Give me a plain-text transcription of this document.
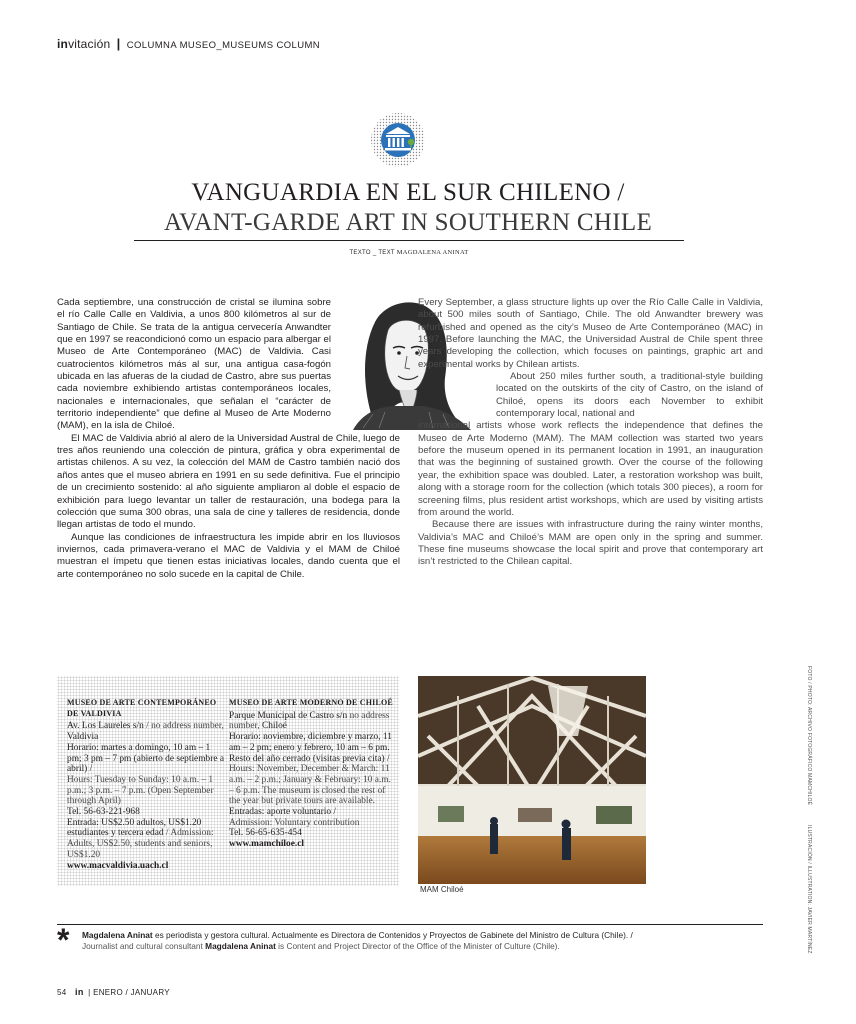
invitación | COLUMNA MUSEO_MUSEUMS COLUMN
VANGUARDIA EN EL SUR CHILENO /
AVANT-GARDE ART IN SOUTHERN CHILE
TEXTO _ TEXT MAGDALENA ANINAT

Cada septiembre, una construcción de cristal se ilumina sobre el río Calle Calle en Valdivia, a unos 800 kilómetros al sur de Santiago de Chile. Se trata de la antigua cervecería Anwandter que en 1997 se reacondicionó como un espacio para albergar el Museo de Arte Contemporáneo (MAC) de Valdivia. Casi cuatrocientos kilómetros más al sur, una antigua casa-fogón ubicada en las afueras de la ciudad de Castro, abre sus puertas cada noviembre exhibiendo artistas contemporáneos locales, nacionales e internacionales, que señalan el “carácter de territorio independiente” que define al Museo de Arte Moderno (MAM), en la isla de Chiloé.

El MAC de Valdivia abrió al alero de la Universidad Austral de Chile, luego de tres años reuniendo una colección de pintura, gráfica y obra experimental de artistas chilenos. A su vez, la colección del MAM de Castro también nació dos años antes que el museo abriera en 1991 en su sede definitiva. Fue el principio de un crecimiento sostenido: al año siguiente ampliaron al doble el espacio de exhibición para luego levantar un taller de restauración, una bodega para la colección que suma 300 obras, una sala de cine y talleres de residencia, donde llegan artistas de todo el mundo.

Aunque las condiciones de infraestructura les impide abrir en los lluviosos inviernos, cada primavera-verano el MAC de Valdivia y el MAM de Chiloé muestran el ímpetu que tienen estas iniciativas locales, dando cuenta que el arte contemporáneo no solo sucede en la capital de Chile.

Every September, a glass structure lights up over the Río Calle Calle in Valdivia, about 500 miles south of Santiago, Chile. The old Anwandter brewery was refurbished and opened as the city’s Museo de Arte Contemporáneo (MAC) in 1997. Before launching the MAC, the Universidad Austral de Chile spent three years developing the collection, which focuses on paintings, graphic art and experimental works by Chilean artists.

About 250 miles further south, a traditional-style building located on the outskirts of the city of Castro, on the island of Chiloé, opens its doors each November to exhibit contemporary local, national and
international artists whose work reflects the independence that defines the Museo de Arte Moderno (MAM). The MAM collection was started two years before the museum opened in its permanent location in 1991, an inauguration that was the beginning of sustained growth. Over the course of the following year, the exhibition space was doubled. Later, a restoration workshop was built, along with a storage room for the collection (which totals 300 pieces), a room for screening films, plus resident artist workshops, which are used by visiting artists from around the world.

Because there are issues with infrastructure during the rainy winter months, Valdivia’s MAC and Chiloé’s MAM are open only in the spring and summer. These fine museums showcase the local spirit and prove that contemporary art isn’t restricted to the Chilean capital.

MUSEO DE ARTE CONTEMPORÁNEO DE VALDIVIA
Av. Los Laureles s/n / no address number, Valdivia
Horario: martes a domingo, 10 am – 1 pm; 3 pm – 7 pm (abierto de septiembre a abril) /
Hours: Tuesday to Sunday: 10 a.m. – 1 p.m.; 3 p.m. – 7 p.m. (Open September through April)
Tel. 56-63-221-968
Entrada: US$2.50 adultos, US$1.20 estudiantes y tercera edad / Admission: Adults, US$2.50, students and seniors, US$1.20
www.macvaldivia.uach.cl
MUSEO DE ARTE MODERNO DE CHILOÉ
Parque Municipal de Castro s/n no address number, Chiloé
Horario: noviembre, diciembre y marzo, 11 am – 2 pm; enero y febrero, 10 am – 6 pm. Resto del año cerrado (visitas previa cita) /
Hours: November, December & March: 11 a.m. – 2 p.m.; January & February: 10 a.m. – 6 p.m. The museum is closed the rest of the year but private tours are available.
Entradas: aporte voluntario /
Admission: Voluntary contribution
Tel. 56-65-635-454
www.mamchiloe.cl
MAM Chiloé
FOTO / PHOTO: ARCHIVO FOTOGRÁFICO MAMCHILOÉ
ILUSTRACIÓN / ILLUSTRATION: JAVIER MARTÍNEZ
* Magdalena Aninat es periodista y gestora cultural. Actualmente es Directora de Contenidos y Proyectos de Gabinete del Ministro de Cultura (Chile). /
Journalist and cultural consultant Magdalena Aninat is Content and Project Director of the Office of the Minister of Culture (Chile).
54 in | ENERO / JANUARY
